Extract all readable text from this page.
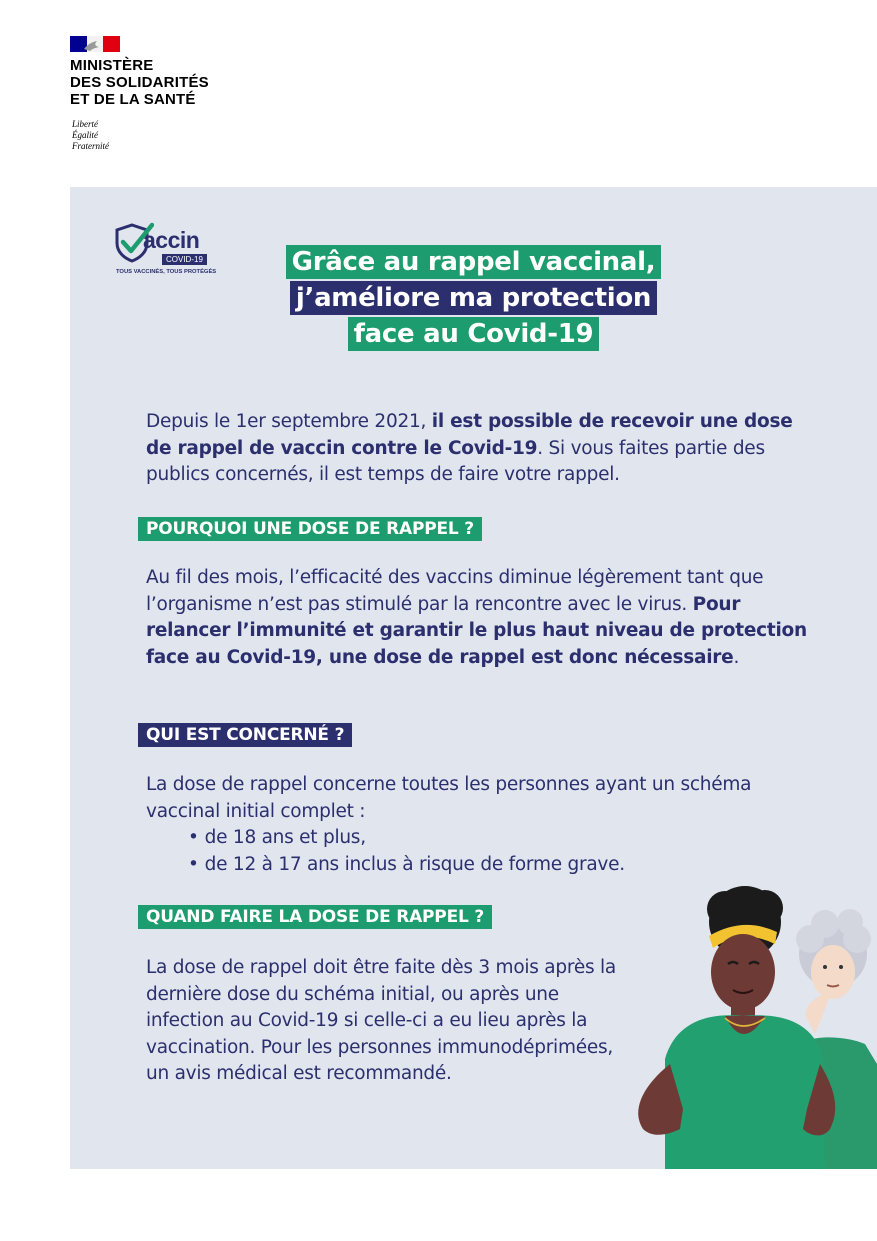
MINISTÈRE
DES SOLIDARITÉS
ET DE LA SANTÉ
Liberté
Égalité
Fraternité
accin
COVID-19
TOUS VACCINÉS, TOUS PROTÉGÉS	Grâce au rappel vaccinal,
j’améliore ma protection
face au Covid-19
Depuis le 1er septembre 2021, il est possible de recevoir une dose de rappel de vaccin contre le Covid-19. Si vous faites partie des publics concernés, il est temps de faire votre rappel.
POURQUOI UNE DOSE DE RAPPEL ?
Au fil des mois, l’efficacité des vaccins diminue légèrement tant que l’organisme n’est pas stimulé par la rencontre avec le virus. Pour relancer l’immunité et garantir le plus haut niveau de protection face au Covid-19, une dose de rappel est donc nécessaire.
QUI EST CONCERNÉ ?
La dose de rappel concerne toutes les personnes ayant un schéma vaccinal initial complet :
• de 18 ans et plus,
• de 12 à 17 ans inclus à risque de forme grave.
QUAND FAIRE LA DOSE DE RAPPEL ?
La dose de rappel doit être faite dès 3 mois après la dernière dose du schéma initial, ou après une infection au Covid-19 si celle-ci a eu lieu après la vaccination. Pour les personnes immunodéprimées, un avis médical est recommandé.
